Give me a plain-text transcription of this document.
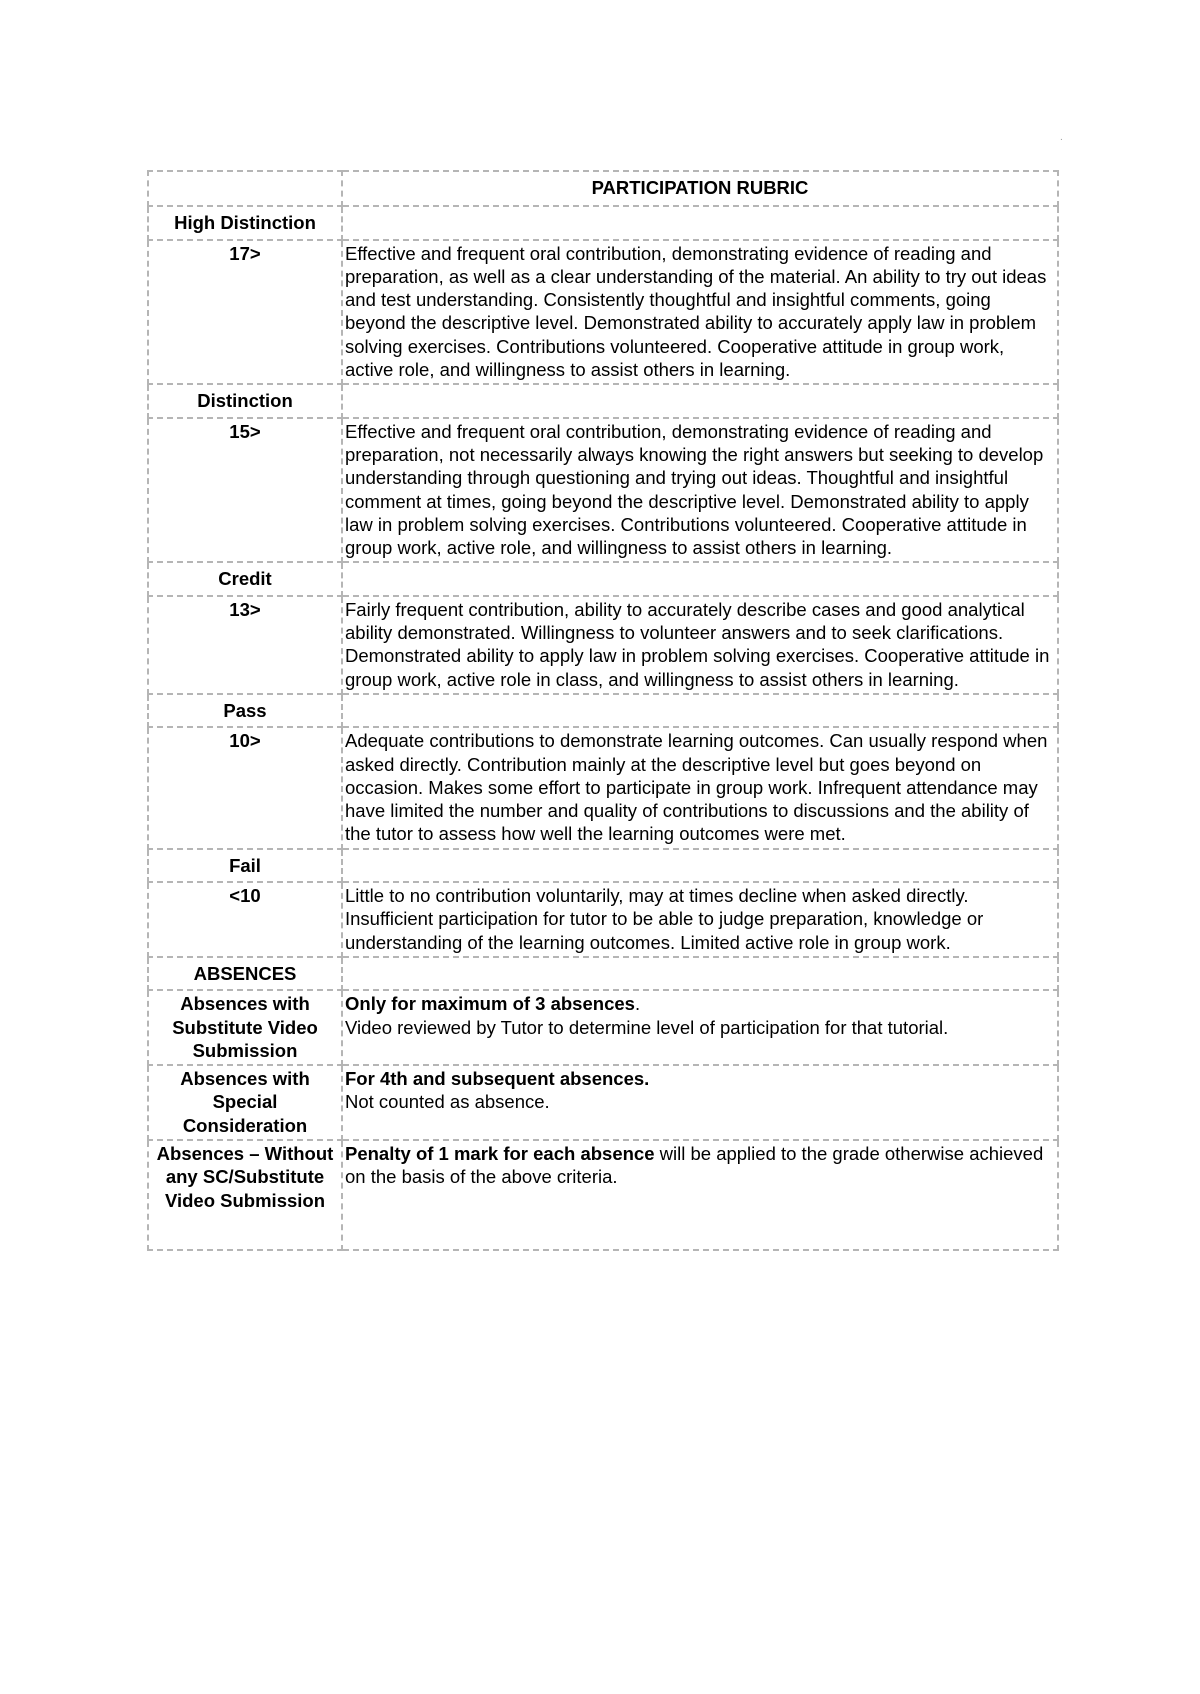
.
	PARTICIPATION RUBRIC
High Distinction	
17>	Effective and frequent oral contribution, demonstrating evidence of reading and preparation, as well as a clear understanding of the material. An ability to try out ideas and test understanding. Consistently thoughtful and insightful comments, going beyond the descriptive level. Demonstrated ability to accurately apply law in problem solving exercises. Contributions volunteered. Cooperative attitude in group work, active role, and willingness to assist others in learning.
Distinction	
15>	Effective and frequent oral contribution, demonstrating evidence of reading and preparation, not necessarily always knowing the right answers but seeking to develop understanding through questioning and trying out ideas. Thoughtful and insightful comment at times, going beyond the descriptive level. Demonstrated ability to apply law in problem solving exercises. Contributions volunteered. Cooperative attitude in group work, active role, and willingness to assist others in learning.
Credit	
13>	Fairly frequent contribution, ability to accurately describe cases and good analytical ability demonstrated. Willingness to volunteer answers and to seek clarifications. Demonstrated ability to apply law in problem solving exercises. Cooperative attitude in group work, active role in class, and willingness to assist others in learning.
Pass	
10>	Adequate contributions to demonstrate learning outcomes. Can usually respond when asked directly. Contribution mainly at the descriptive level but goes beyond on occasion. Makes some effort to participate in group work. Infrequent attendance may have limited the number and quality of contributions to discussions and the ability of the tutor to assess how well the learning outcomes were met.
Fail	
<10	Little to no contribution voluntarily, may at times decline when asked directly. Insufficient participation for tutor to be able to judge preparation, knowledge or understanding of the learning outcomes. Limited active role in group work.
ABSENCES	
Absences with Substitute Video Submission	Only for maximum of 3 absences.
Video reviewed by Tutor to determine level of participation for that tutorial.
Absences with Special Consideration	For 4th and subsequent absences.
Not counted as absence.
Absences – Without any SC/Substitute Video Submission	Penalty of 1 mark for each absence will be applied to the grade otherwise achieved on the basis of the above criteria.
